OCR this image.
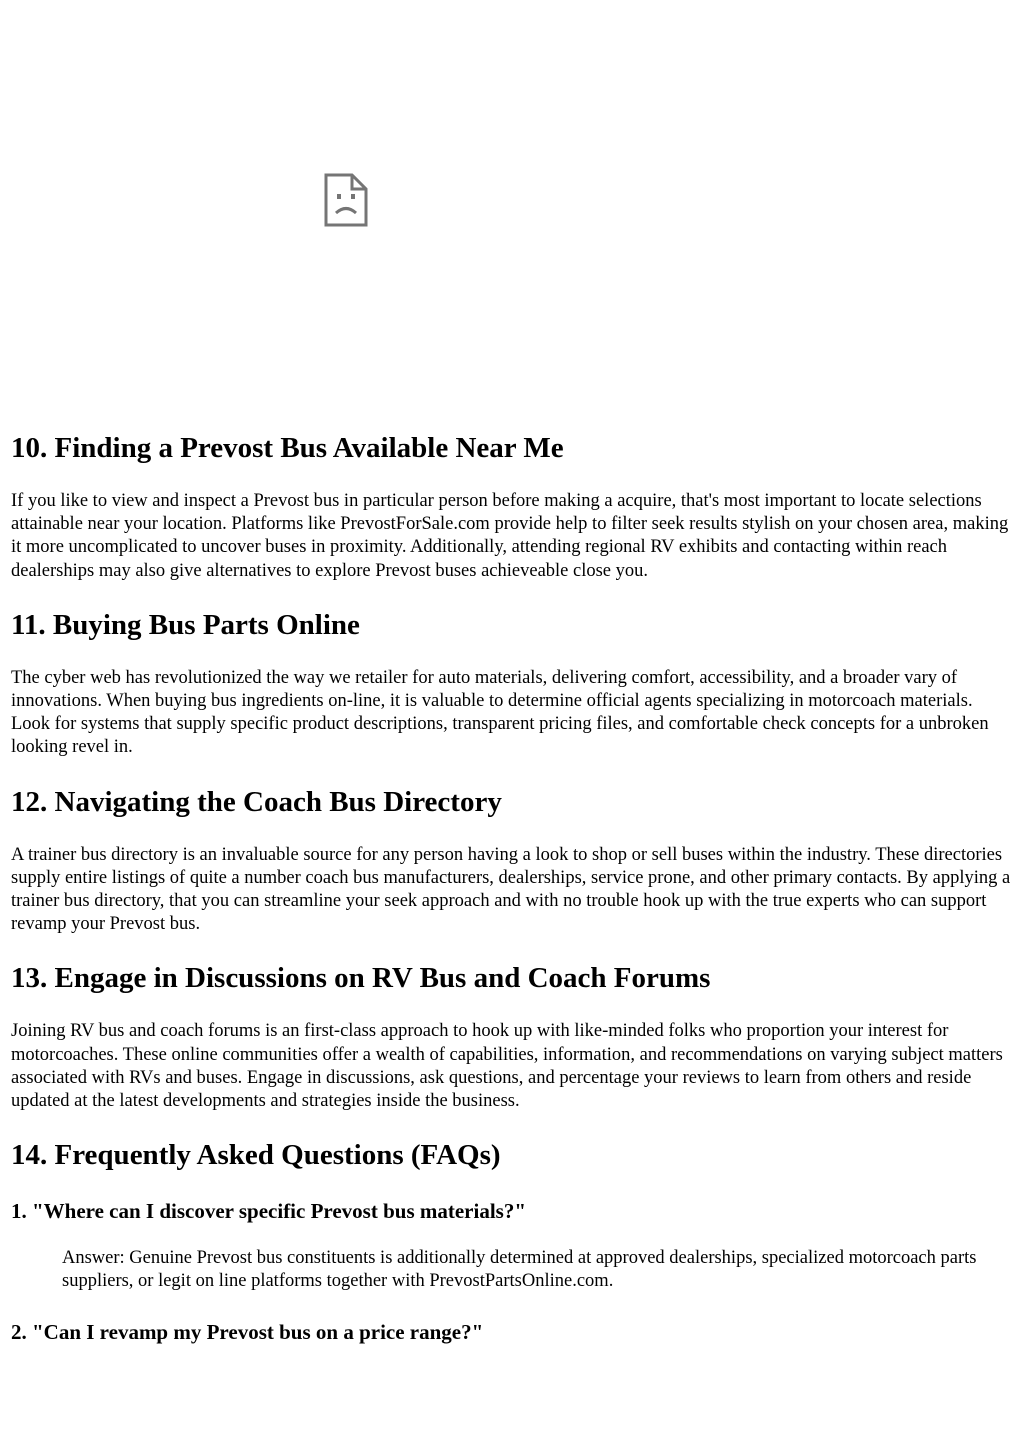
10. Finding a Prevost Bus Available Near Me

If you like to view and inspect a Prevost bus in particular person before making a acquire, that's most important to locate selections attainable near your location. Platforms like PrevostForSale.com provide help to filter seek results stylish on your chosen area, making it more uncomplicated to uncover buses in proximity. Additionally, attending regional RV exhibits and contacting within reach dealerships may also give alternatives to explore Prevost buses achieveable close you.

11. Buying Bus Parts Online

The cyber web has revolutionized the way we retailer for auto materials, delivering comfort, accessibility, and a broader vary of innovations. When buying bus ingredients on-line, it is valuable to determine official agents specializing in motorcoach materials. Look for systems that supply specific product descriptions, transparent pricing files, and comfortable check concepts for a unbroken looking revel in.

12. Navigating the Coach Bus Directory

A trainer bus directory is an invaluable source for any person having a look to shop or sell buses within the industry. These directories supply entire listings of quite a number coach bus manufacturers, dealerships, service prone, and other primary contacts. By applying a trainer bus directory, that you can streamline your seek approach and with no trouble hook up with the true experts who can support revamp your Prevost bus.

13. Engage in Discussions on RV Bus and Coach Forums

Joining RV bus and coach forums is an first-class approach to hook up with like-minded folks who proportion your interest for motorcoaches. These online communities offer a wealth of capabilities, information, and recommendations on varying subject matters associated with RVs and buses. Engage in discussions, ask questions, and percentage your reviews to learn from others and reside updated at the latest developments and strategies inside the business.

14. Frequently Asked Questions (FAQs)
1. "Where can I discover specific Prevost bus materials?"

Answer: Genuine Prevost bus constituents is additionally determined at approved dealerships, specialized motorcoach parts suppliers, or legit on line platforms together with PrevostPartsOnline.com.

2. "Can I revamp my Prevost bus on a price range?"
